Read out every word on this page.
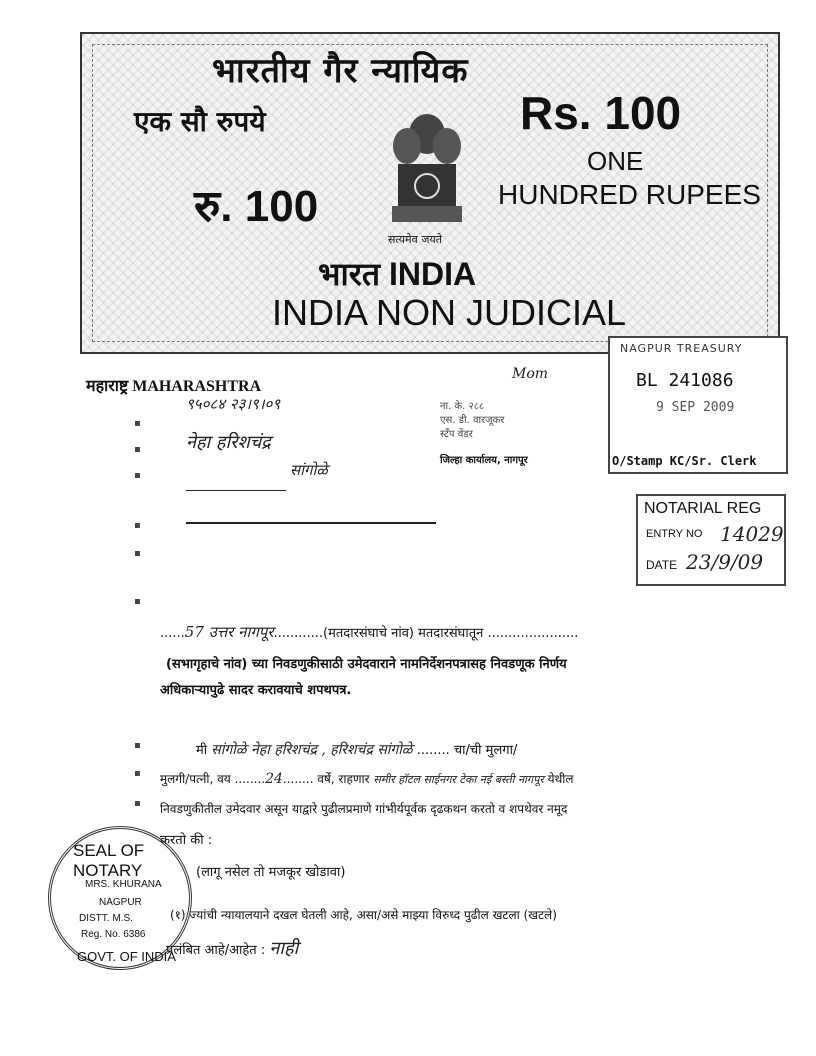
भारतीय गैर न्यायिक
एक सौ रुपये	Rs. 100
ONE
HUNDRED RUPEES
रु. 100
सत्यमेव जयते
भारत INDIA
INDIA NON JUDICIAL
NAGPUR TREASURY
BL 241086
9 SEP 2009
O/Stamp KC/Sr. Clerk
महाराष्ट्र MAHARASHTRA
Mom
९५०८४ २३।९।०९
नेहा हरिशचंद्र
सांगोळे
ना. के. २८८
एस. डी. वारजूकर
स्टँप वेंडर
जिल्हा कार्यालय, नागपूर
▪
▪
▪
▪
▪
▪
▪
▪
▪
NOTARIAL REG
ENTRY NO 14029
DATE 23/9/09
......57 उत्तर नागपूर............(मतदारसंघाचे नांव) मतदारसंघातून ......................
(सभागृहाचे नांव) च्या निवडणुकीसाठी उमेदवाराने नामनिर्देशनपत्रासह निवडणूक निर्णय
अधिकाऱ्यापुढे सादर करावयाचे शपथपत्र.
मी सांगोळे नेहा हरिशचंद्र , हरिशचंद्र सांगोळे ........ चा/ची मुलगा/
मुलगी/पत्नी, वय ........24........ वर्षे, राहणार समीर हॉटल साईनगर टेका नई बस्ती नागपूर येथील
निवडणुकीतील उमेदवार असून याद्वारे पुढीलप्रमाणे गांभीर्यपूर्वक दृढकथन करतो व शपथेवर नमूद
करतो की :
(लागू नसेल तो मजकूर खोडावा)
(१) ज्यांची न्यायालयाने दखल घेतली आहे, असा/असे माझ्या विरुध्द पुढील खटला (खटले)
प्रलंबित आहे/आहेत : नाही
SEAL OF NOTARY
MRS. KHURANA
NAGPUR
DISTT. M.S.
Reg. No. 6386
GOVT. OF INDIA
